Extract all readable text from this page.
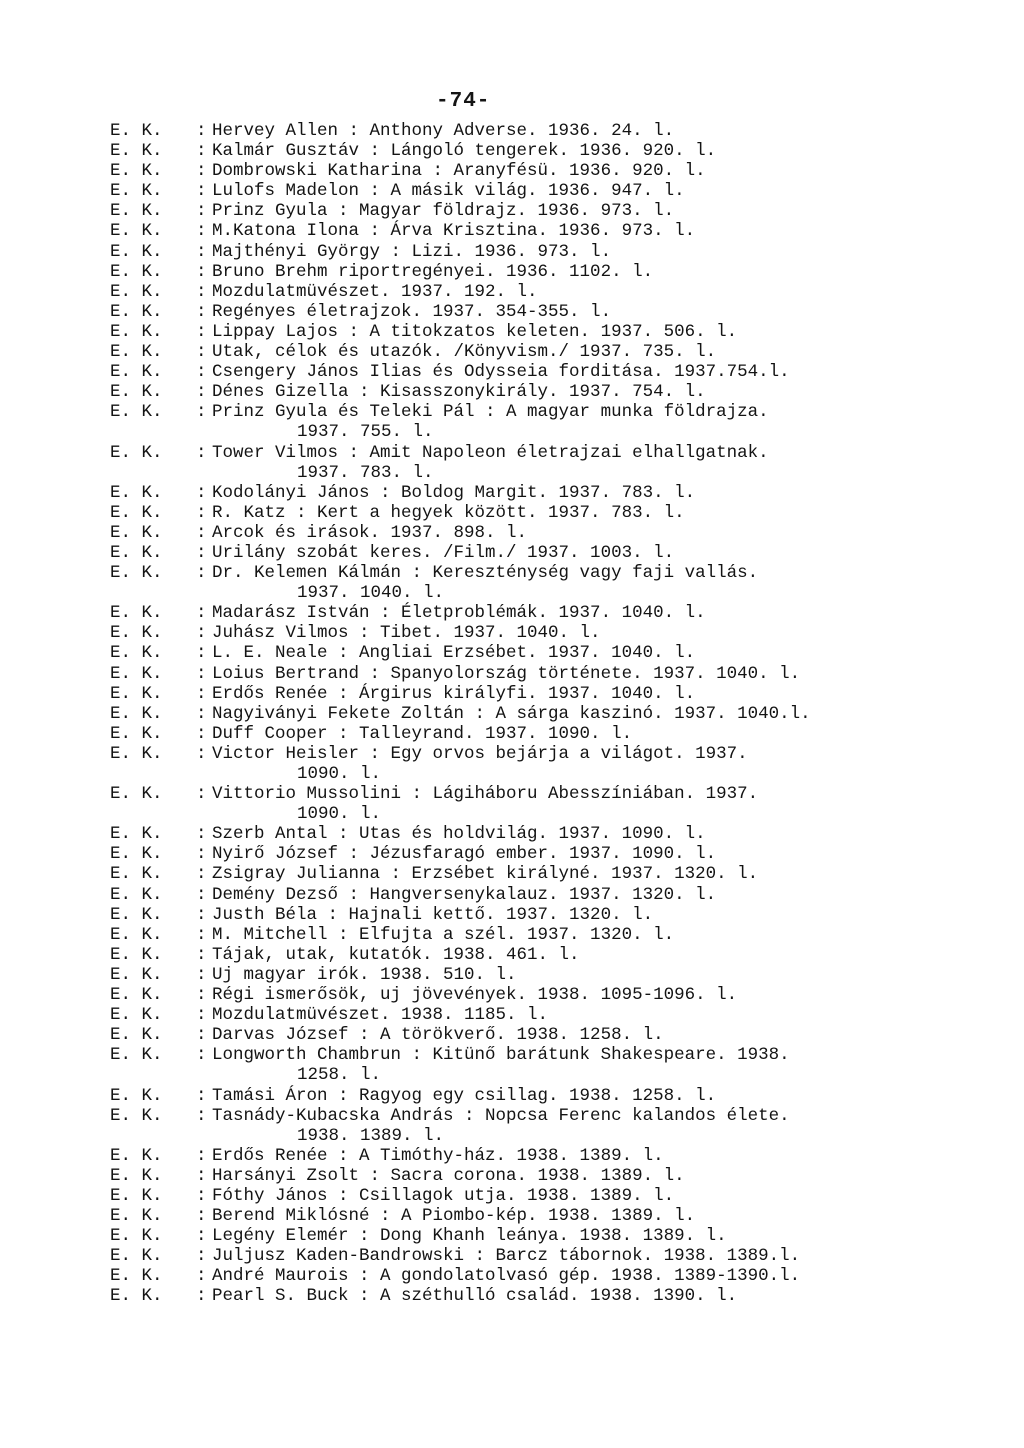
-74-
E. K.	: Hervey Allen : Anthony Adverse. 1936. 24. l.
E. K.	: Kalmár Gusztáv : Lángoló tengerek. 1936. 920. l.
E. K.	: Dombrowski Katharina : Aranyfésü. 1936. 920. l.
E. K.	: Lulofs Madelon : A másik világ. 1936. 947. l.
E. K.	: Prinz Gyula : Magyar földrajz. 1936. 973. l.
E. K.	: M.Katona Ilona : Árva Krisztina. 1936. 973. l.
E. K.	: Majthényi György : Lizi. 1936. 973. l.
E. K.	: Bruno Brehm riportregényei. 1936. 1102. l.
E. K.	: Mozdulatmüvészet. 1937. 192. l.
E. K.	: Regényes életrajzok. 1937. 354-355. l.
E. K.	: Lippay Lajos : A titokzatos keleten. 1937. 506. l.
E. K.	: Utak, célok és utazók. /Könyvism./ 1937. 735. l.
E. K.	: Csengery János Ilias és Odysseia forditása. 1937.754.l.
E. K.	: Dénes Gizella : Kisasszonykirály. 1937. 754. l.
E. K.	: Prinz Gyula és Teleki Pál : A magyar munka földrajza.
1937. 755. l.
E. K.	: Tower Vilmos : Amit Napoleon életrajzai elhallgatnak.
1937. 783. l.
E. K.	: Kodolányi János : Boldog Margit. 1937. 783. l.
E. K.	: R. Katz : Kert a hegyek között. 1937. 783. l.
E. K.	: Arcok és irások. 1937. 898. l.
E. K.	: Urilány szobát keres. /Film./ 1937. 1003. l.
E. K.	: Dr. Kelemen Kálmán : Kereszténység vagy faji vallás.
1937. 1040. l.
E. K.	: Madarász István : Életproblémák. 1937. 1040. l.
E. K.	: Juhász Vilmos : Tibet. 1937. 1040. l.
E. K.	: L. E. Neale : Angliai Erzsébet. 1937. 1040. l.
E. K.	: Loius Bertrand : Spanyolország története. 1937. 1040. l.
E. K.	: Erdős Renée : Árgirus királyfi. 1937. 1040. l.
E. K.	: Nagyiványi Fekete Zoltán : A sárga kaszinó. 1937. 1040.l.
E. K.	: Duff Cooper : Talleyrand. 1937. 1090. l.
E. K.	: Victor Heisler : Egy orvos bejárja a világot. 1937.
1090. l.
E. K.	: Vittorio Mussolini : Lágiháboru Abesszíniában. 1937.
1090. l.
E. K.	: Szerb Antal : Utas és holdvilág. 1937. 1090. l.
E. K.	: Nyirő József : Jézusfaragó ember. 1937. 1090. l.
E. K.	: Zsigray Julianna : Erzsébet királyné. 1937. 1320. l.
E. K.	: Demény Dezső : Hangversenykalauz. 1937. 1320. l.
E. K.	: Justh Béla : Hajnali kettő. 1937. 1320. l.
E. K.	: M. Mitchell : Elfujta a szél. 1937. 1320. l.
E. K.	: Tájak, utak, kutatók. 1938. 461. l.
E. K.	: Uj magyar irók. 1938. 510. l.
E. K.	: Régi ismerősök, uj jövevények. 1938. 1095-1096. l.
E. K.	: Mozdulatmüvészet. 1938. 1185. l.
E. K.	: Darvas József : A törökverő. 1938. 1258. l.
E. K.	: Longworth Chambrun : Kitünő barátunk Shakespeare. 1938.
1258. l.
E. K.	: Tamási Áron : Ragyog egy csillag. 1938. 1258. l.
E. K.	: Tasnády-Kubacska András : Nopcsa Ferenc kalandos élete.
1938. 1389. l.
E. K.	: Erdős Renée : A Timóthy-ház. 1938. 1389. l.
E. K.	: Harsányi Zsolt : Sacra corona. 1938. 1389. l.
E. K.	: Fóthy János : Csillagok utja. 1938. 1389. l.
E. K.	: Berend Miklósné : A Piombo-kép. 1938. 1389. l.
E. K.	: Legény Elemér : Dong Khanh leánya. 1938. 1389. l.
E. K.	: Juljusz Kaden-Bandrowski : Barcz tábornok. 1938. 1389.l.
E. K.	: André Maurois : A gondolatolvasó gép. 1938. 1389-1390.l.
E. K.	: Pearl S. Buck : A széthulló család. 1938. 1390. l.
